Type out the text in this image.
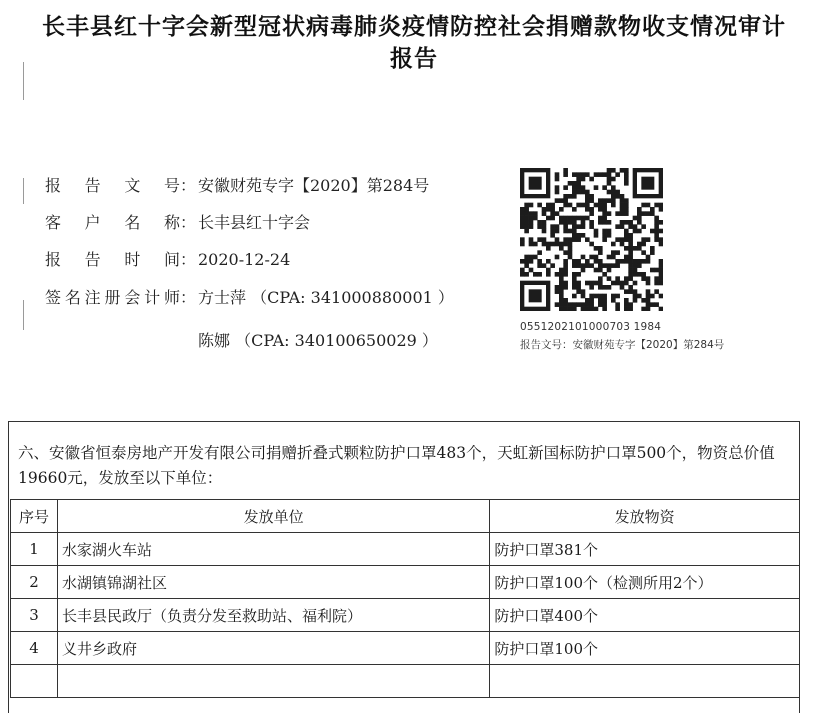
长丰县红十字会新型冠状病毒肺炎疫情防控社会捐赠款物收支情况审计
报告
报 告 文 号： 安徽财苑专字【2020】第284号
客 户 名 称： 长丰县红十字会
报 告 时 间： 2020-12-24
签名注册会计师： 方士萍 （CPA: 341000880001 ）
陈娜 （CPA: 340100650029 ）
0551202101000703 1984
报告文号：安徽财苑专字【2020】第284号
六、安徽省恒泰房地产开发有限公司捐赠折叠式颗粒防护口罩483个，天虹新国标防护口罩500个，物资总价值19660元，发放至以下单位：
序号	发放单位	发放物资
1	水家湖火车站	防护口罩381个
2	水湖镇锦湖社区	防护口罩100个（检测所用2个）
3	长丰县民政厅（负责分发至救助站、福利院）	防护口罩400个
4	义井乡政府	防护口罩100个
